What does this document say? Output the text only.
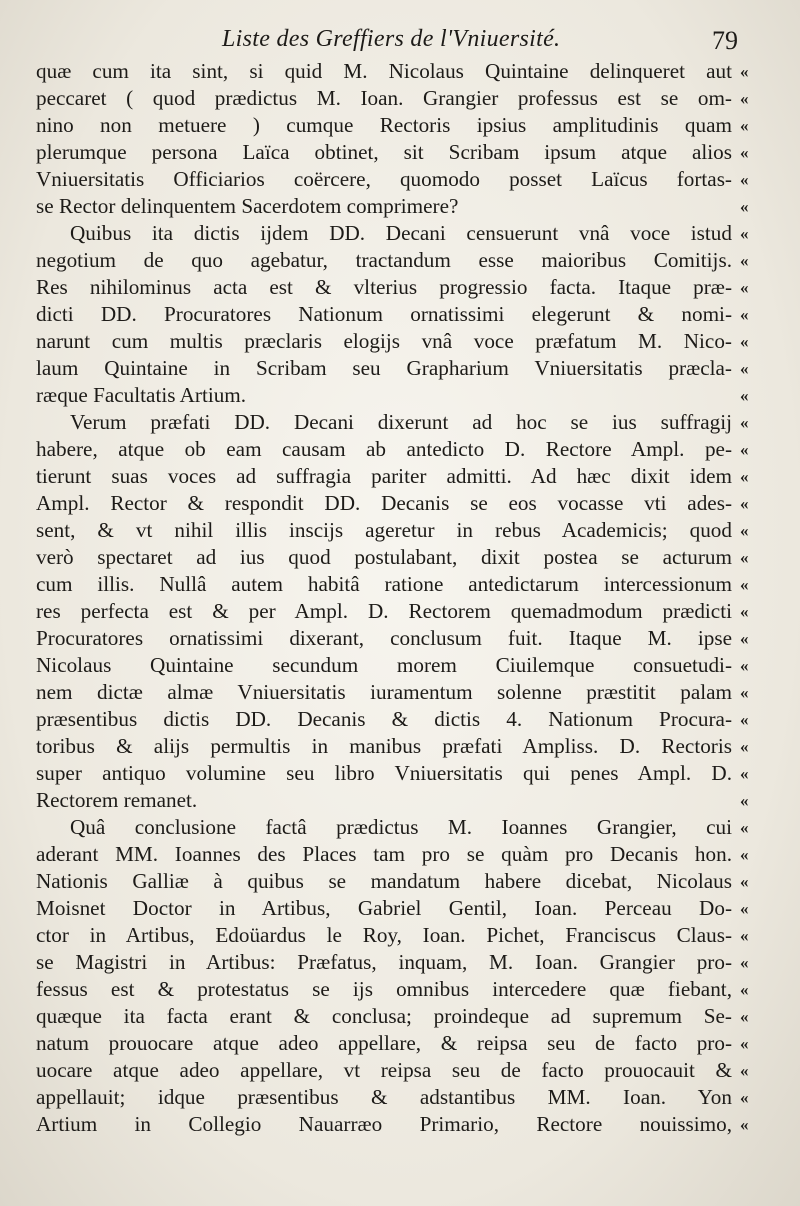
Liste des Greffiers de l'Vniuersité.	79
quæ cum ita sint, si quid M. Nicolaus Quintaine delinqueret aut «
peccaret ( quod prædictus M. Ioan. Grangier professus est se om- «
nino non metuere ) cumque Rectoris ipsius amplitudinis quam «
plerumque persona Laïca obtinet, sit Scribam ipsum atque alios «
Vniuersitatis Officiarios coërcere, quomodo posset Laïcus fortas- «
se Rector delinquentem Sacerdotem comprimere?	«
Quibus ita dictis ijdem DD. Decani censuerunt vnâ voce istud «
negotium de quo agebatur, tractandum esse maioribus Comitijs. «
Res nihilominus acta est & vlterius progressio facta. Itaque præ- «
dicti DD. Procuratores Nationum ornatissimi elegerunt & nomi- «
narunt cum multis præclaris elogijs vnâ voce præfatum M. Nico- «
laum Quintaine in Scribam seu Grapharium Vniuersitatis præcla- «
ræque Facultatis Artium.	«
Verum præfati DD. Decani dixerunt ad hoc se ius suffragij «
habere, atque ob eam causam ab antedicto D. Rectore Ampl. pe- «
tierunt suas voces ad suffragia pariter admitti. Ad hæc dixit idem «
Ampl. Rector & respondit DD. Decanis se eos vocasse vti ades- «
sent, & vt nihil illis inscijs ageretur in rebus Academicis; quod «
verò spectaret ad ius quod postulabant, dixit postea se acturum «
cum illis. Nullâ autem habitâ ratione antedictarum intercessionum «
res perfecta est & per Ampl. D. Rectorem quemadmodum prædicti «
Procuratores ornatissimi dixerant, conclusum fuit. Itaque M. ipse «
Nicolaus Quintaine secundum morem Ciuilemque consuetudi- «
nem dictæ almæ Vniuersitatis iuramentum solenne præstitit palam «
præsentibus dictis DD. Decanis & dictis 4. Nationum Procura- «
toribus & alijs permultis in manibus præfati Ampliss. D. Rectoris «
super antiquo volumine seu libro Vniuersitatis qui penes Ampl. D. «
Rectorem remanet.	«
Quâ conclusione factâ prædictus M. Ioannes Grangier, cui «
aderant MM. Ioannes des Places tam pro se quàm pro Decanis hon. «
Nationis Galliæ à quibus se mandatum habere dicebat, Nicolaus «
Moisnet Doctor in Artibus, Gabriel Gentil, Ioan. Perceau Do- «
ctor in Artibus, Edoüardus le Roy, Ioan. Pichet, Franciscus Claus- «
se Magistri in Artibus: Præfatus, inquam, M. Ioan. Grangier pro- «
fessus est & protestatus se ijs omnibus intercedere quæ fiebant, «
quæque ita facta erant & conclusa; proindeque ad supremum Se- «
natum prouocare atque adeo appellare, & reipsa seu de facto pro- «
uocare atque adeo appellare, vt reipsa seu de facto prouocauit & «
appellauit; idque præsentibus & adstantibus MM. Ioan. Yon «
Artium in Collegio Nauarræo Primario, Rectore nouissimo, «
